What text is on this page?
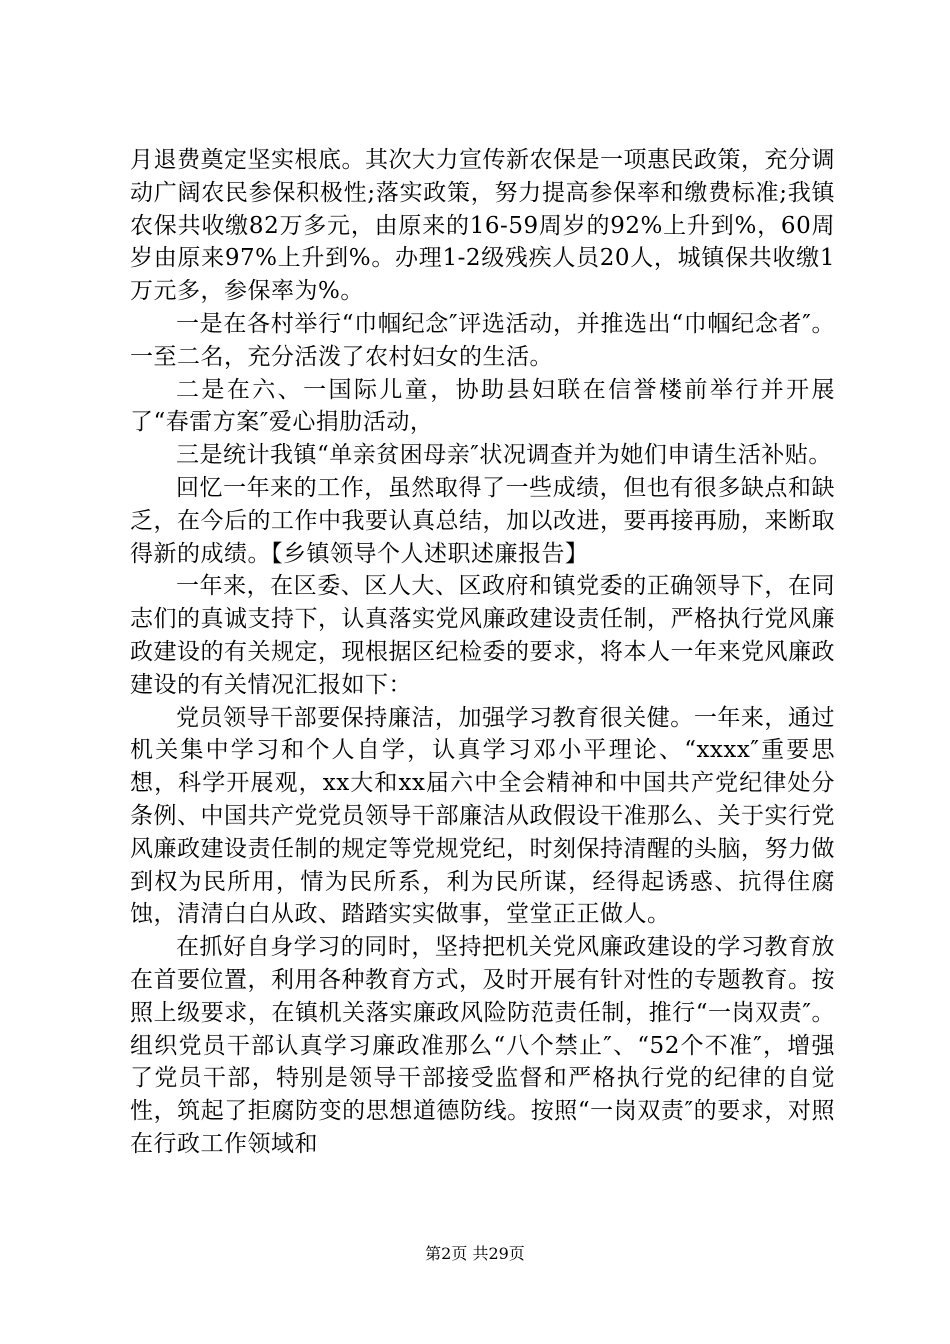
月退费奠定坚实根底。其次大力宣传新农保是一项惠民政策，充分调动广阔农民参保积极性;落实政策，努力提高参保率和缴费标准;我镇农保共收缴82万多元，由原来的16-59周岁的92%上升到%，60周岁由原来97%上升到%。办理1-2级残疾人员20人，城镇保共收缴1万元多，参保率为%。

一是在各村举行“巾帼纪念″评选活动，并推选出“巾帼纪念者″。一至二名，充分活泼了农村妇女的生活。

二是在六、一国际儿童，协助县妇联在信誉楼前举行并开展了“春雷方案″爱心捐肋活动，

三是统计我镇“单亲贫困母亲″状况调查并为她们申请生活补贴。

回忆一年来的工作，虽然取得了一些成绩，但也有很多缺点和缺乏，在今后的工作中我要认真总结，加以改进，要再接再励，来断取得新的成绩。【乡镇领导个人述职述廉报告】

一年来，在区委、区人大、区政府和镇党委的正确领导下，在同志们的真诚支持下，认真落实党风廉政建设责任制，严格执行党风廉政建设的有关规定，现根据区纪检委的要求，将本人一年来党风廉政建设的有关情况汇报如下：

党员领导干部要保持廉洁，加强学习教育很关健。一年来，通过机关集中学习和个人自学，认真学习邓小平理论、“xxxx″重要思想，科学开展观，xx大和xx届六中全会精神和中国共产党纪律处分条例、中国共产党党员领导干部廉洁从政假设干准那么、关于实行党风廉政建设责任制的规定等党规党纪，时刻保持清醒的头脑，努力做到权为民所用，情为民所系，利为民所谋，经得起诱惑、抗得住腐蚀，清清白白从政、踏踏实实做事，堂堂正正做人。

在抓好自身学习的同时，坚持把机关党风廉政建设的学习教育放在首要位置，利用各种教育方式，及时开展有针对性的专题教育。按照上级要求，在镇机关落实廉政风险防范责任制，推行“一岗双责″。组织党员干部认真学习廉政准那么“八个禁止″、“52个不准″，增强了党员干部，特别是领导干部接受监督和严格执行党的纪律的自觉性，筑起了拒腐防变的思想道德防线。按照“一岗双责″的要求，对照在行政工作领域和

第2页 共29页
